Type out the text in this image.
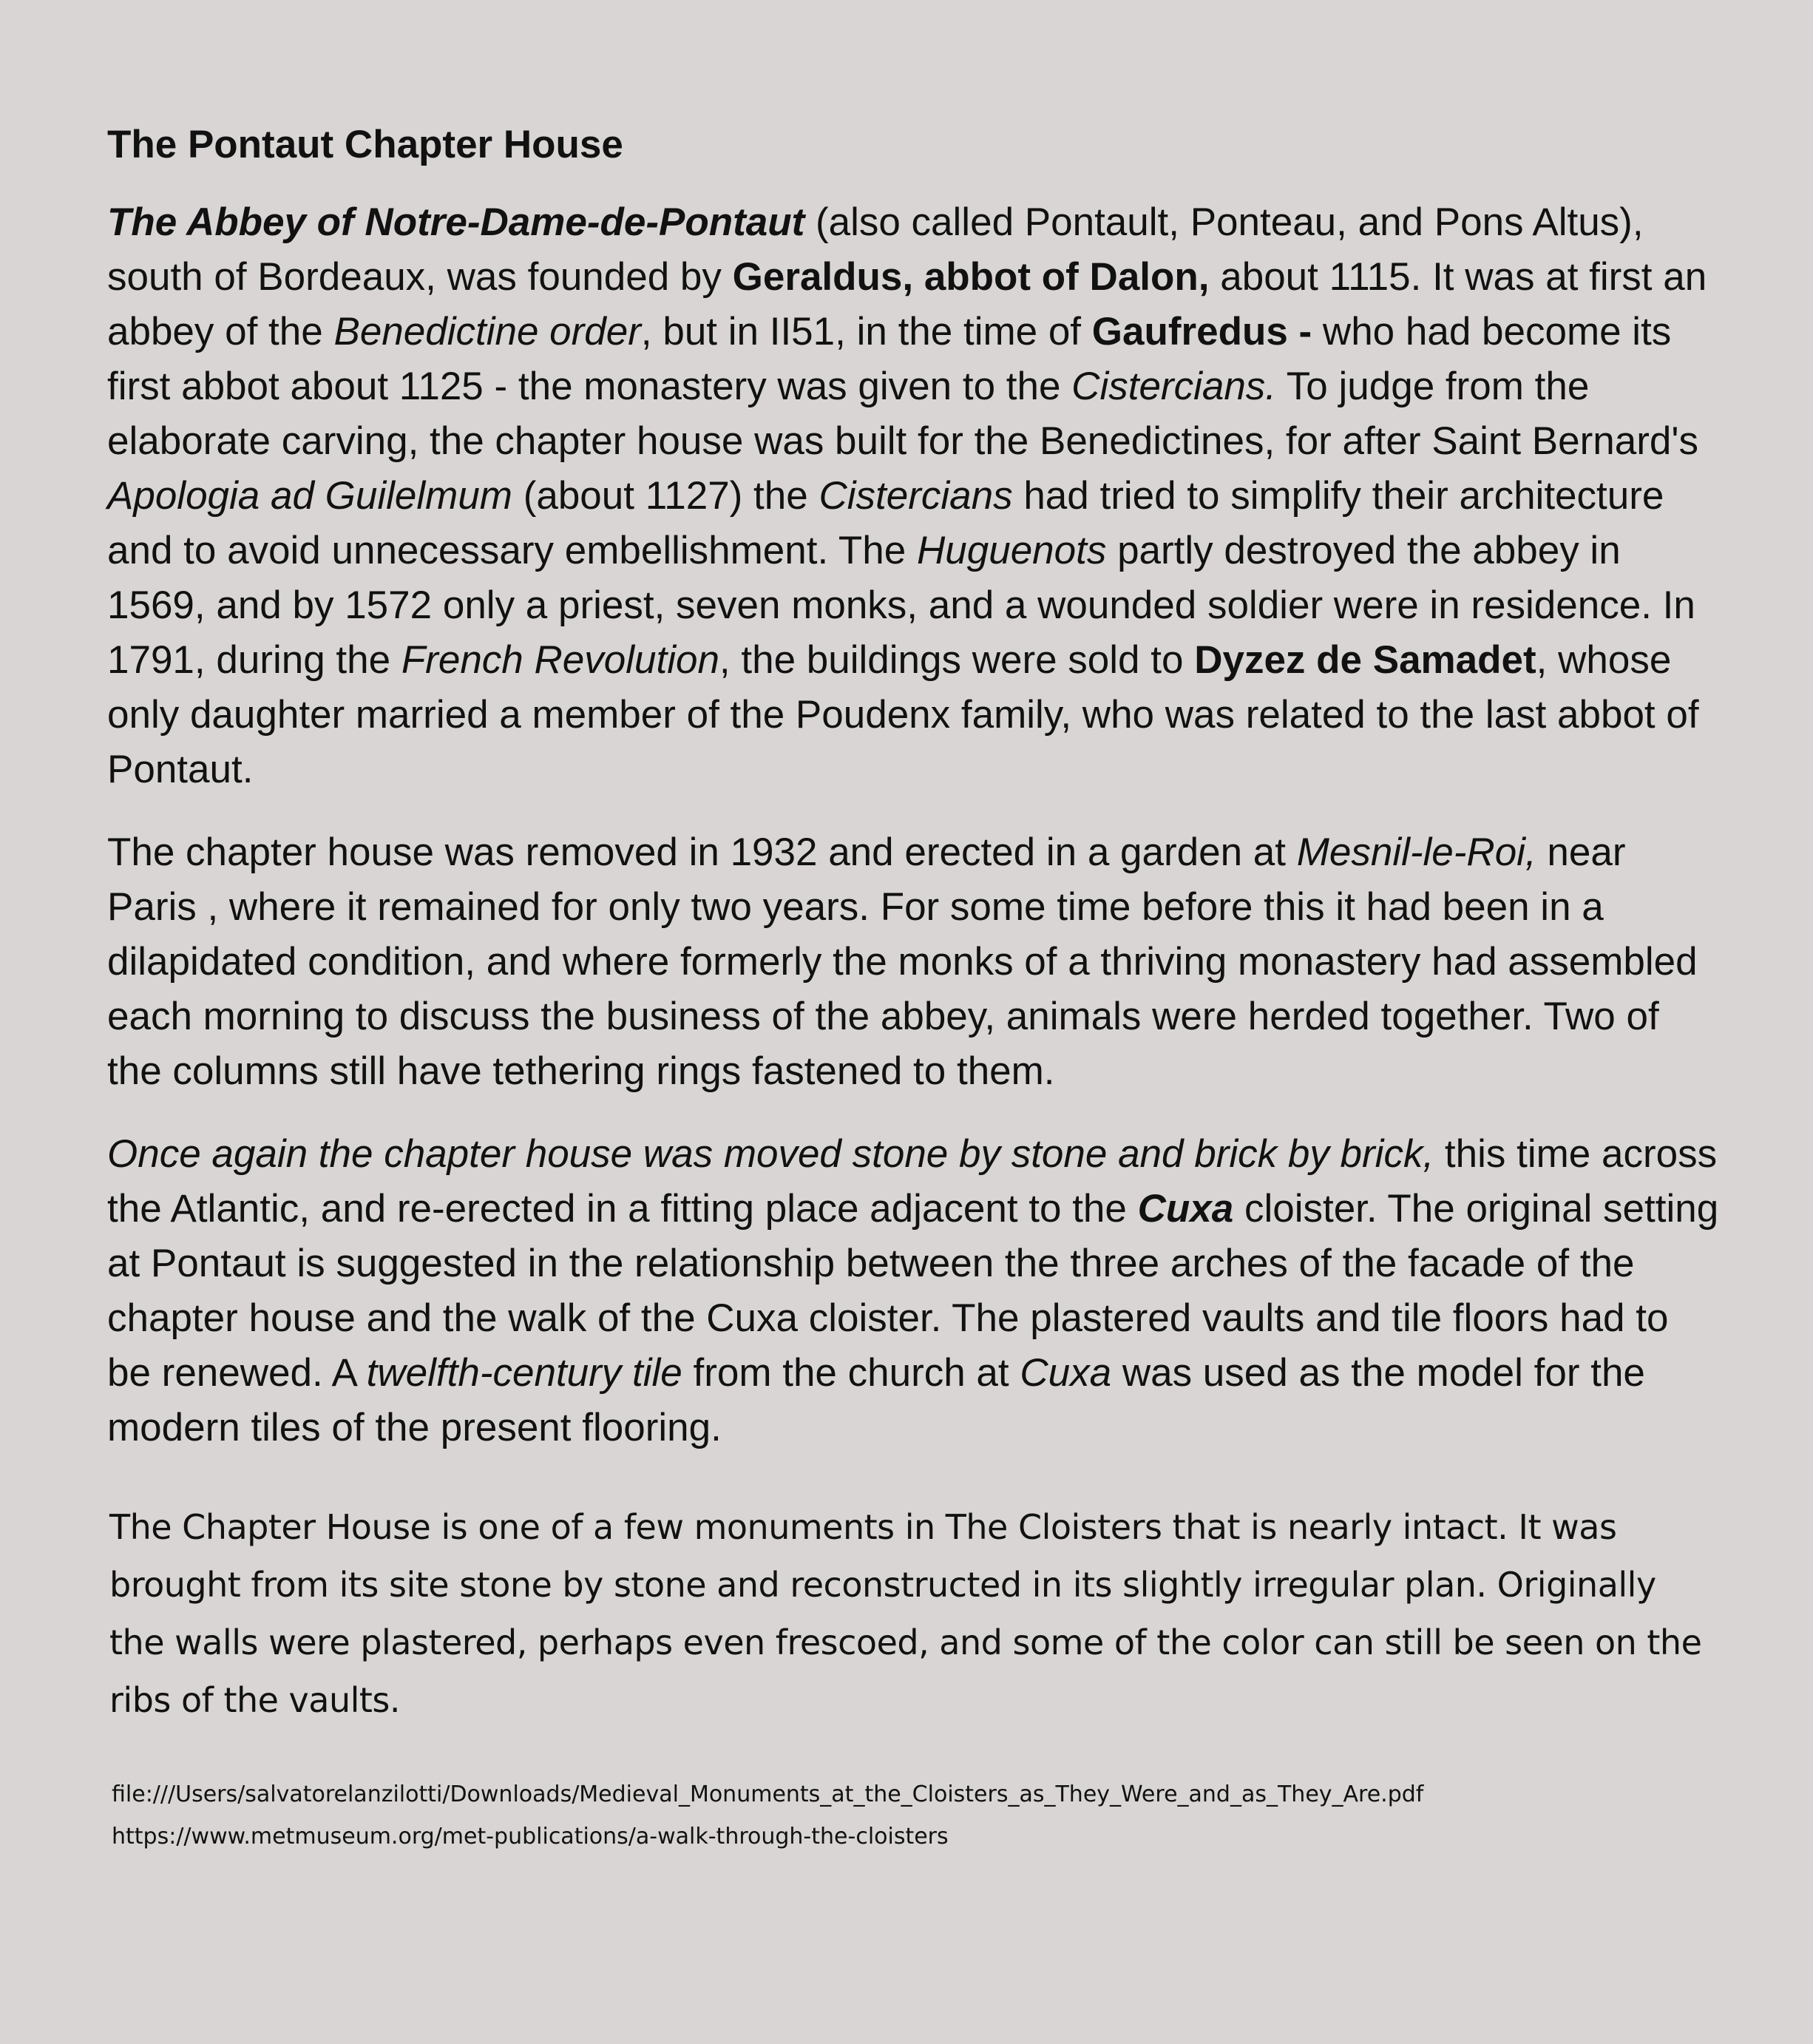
The Pontaut Chapter House

The Abbey of Notre-Dame-de-Pontaut (also called Pontault, Ponteau, and Pons Altus), south of Bordeaux, was founded by Geraldus, abbot of Dalon, about 1115. It was at first an abbey of the Benedictine order, but in II51, in the time of Gaufredus - who had become its first abbot about 1125 - the monastery was given to the Cistercians. To judge from the elaborate carving, the chapter house was built for the Benedictines, for after Saint Bernard's Apologia ad Guilelmum (about 1127) the Cistercians had tried to simplify their architecture and to avoid unnecessary embellishment. The Huguenots partly destroyed the abbey in 1569, and by 1572 only a priest, seven monks, and a wounded soldier were in residence. In 1791, during the French Revolution, the buildings were sold to Dyzez de Samadet, whose only daughter married a member of the Poudenx family, who was related to the last abbot of Pontaut.

The chapter house was removed in 1932 and erected in a garden at Mesnil-le-Roi, near Paris , where it remained for only two years. For some time before this it had been in a dilapidated condition, and where formerly the monks of a thriving monastery had assembled each morning to discuss the business of the abbey, animals were herded together. Two of the columns still have tethering rings fastened to them.

Once again the chapter house was moved stone by stone and brick by brick, this time across the Atlantic, and re-erected in a fitting place adjacent to the Cuxa cloister. The original setting at Pontaut is suggested in the relationship between the three arches of the facade of the chapter house and the walk of the Cuxa cloister. The plastered vaults and tile floors had to be renewed. A twelfth-century tile from the church at Cuxa was used as the model for the modern tiles of the present flooring.

The Chapter House is one of a few monuments in The Cloisters that is nearly intact. It was brought from its site stone by stone and reconstructed in its slightly irregular plan. Originally the walls were plastered, perhaps even frescoed, and some of the color can still be seen on the ribs of the vaults.

file:///Users/salvatorelanzilotti/Downloads/Medieval_Monuments_at_the_Cloisters_as_They_Were_and_as_They_Are.pdf
https://www.metmuseum.org/met-publications/a-walk-through-the-cloisters
